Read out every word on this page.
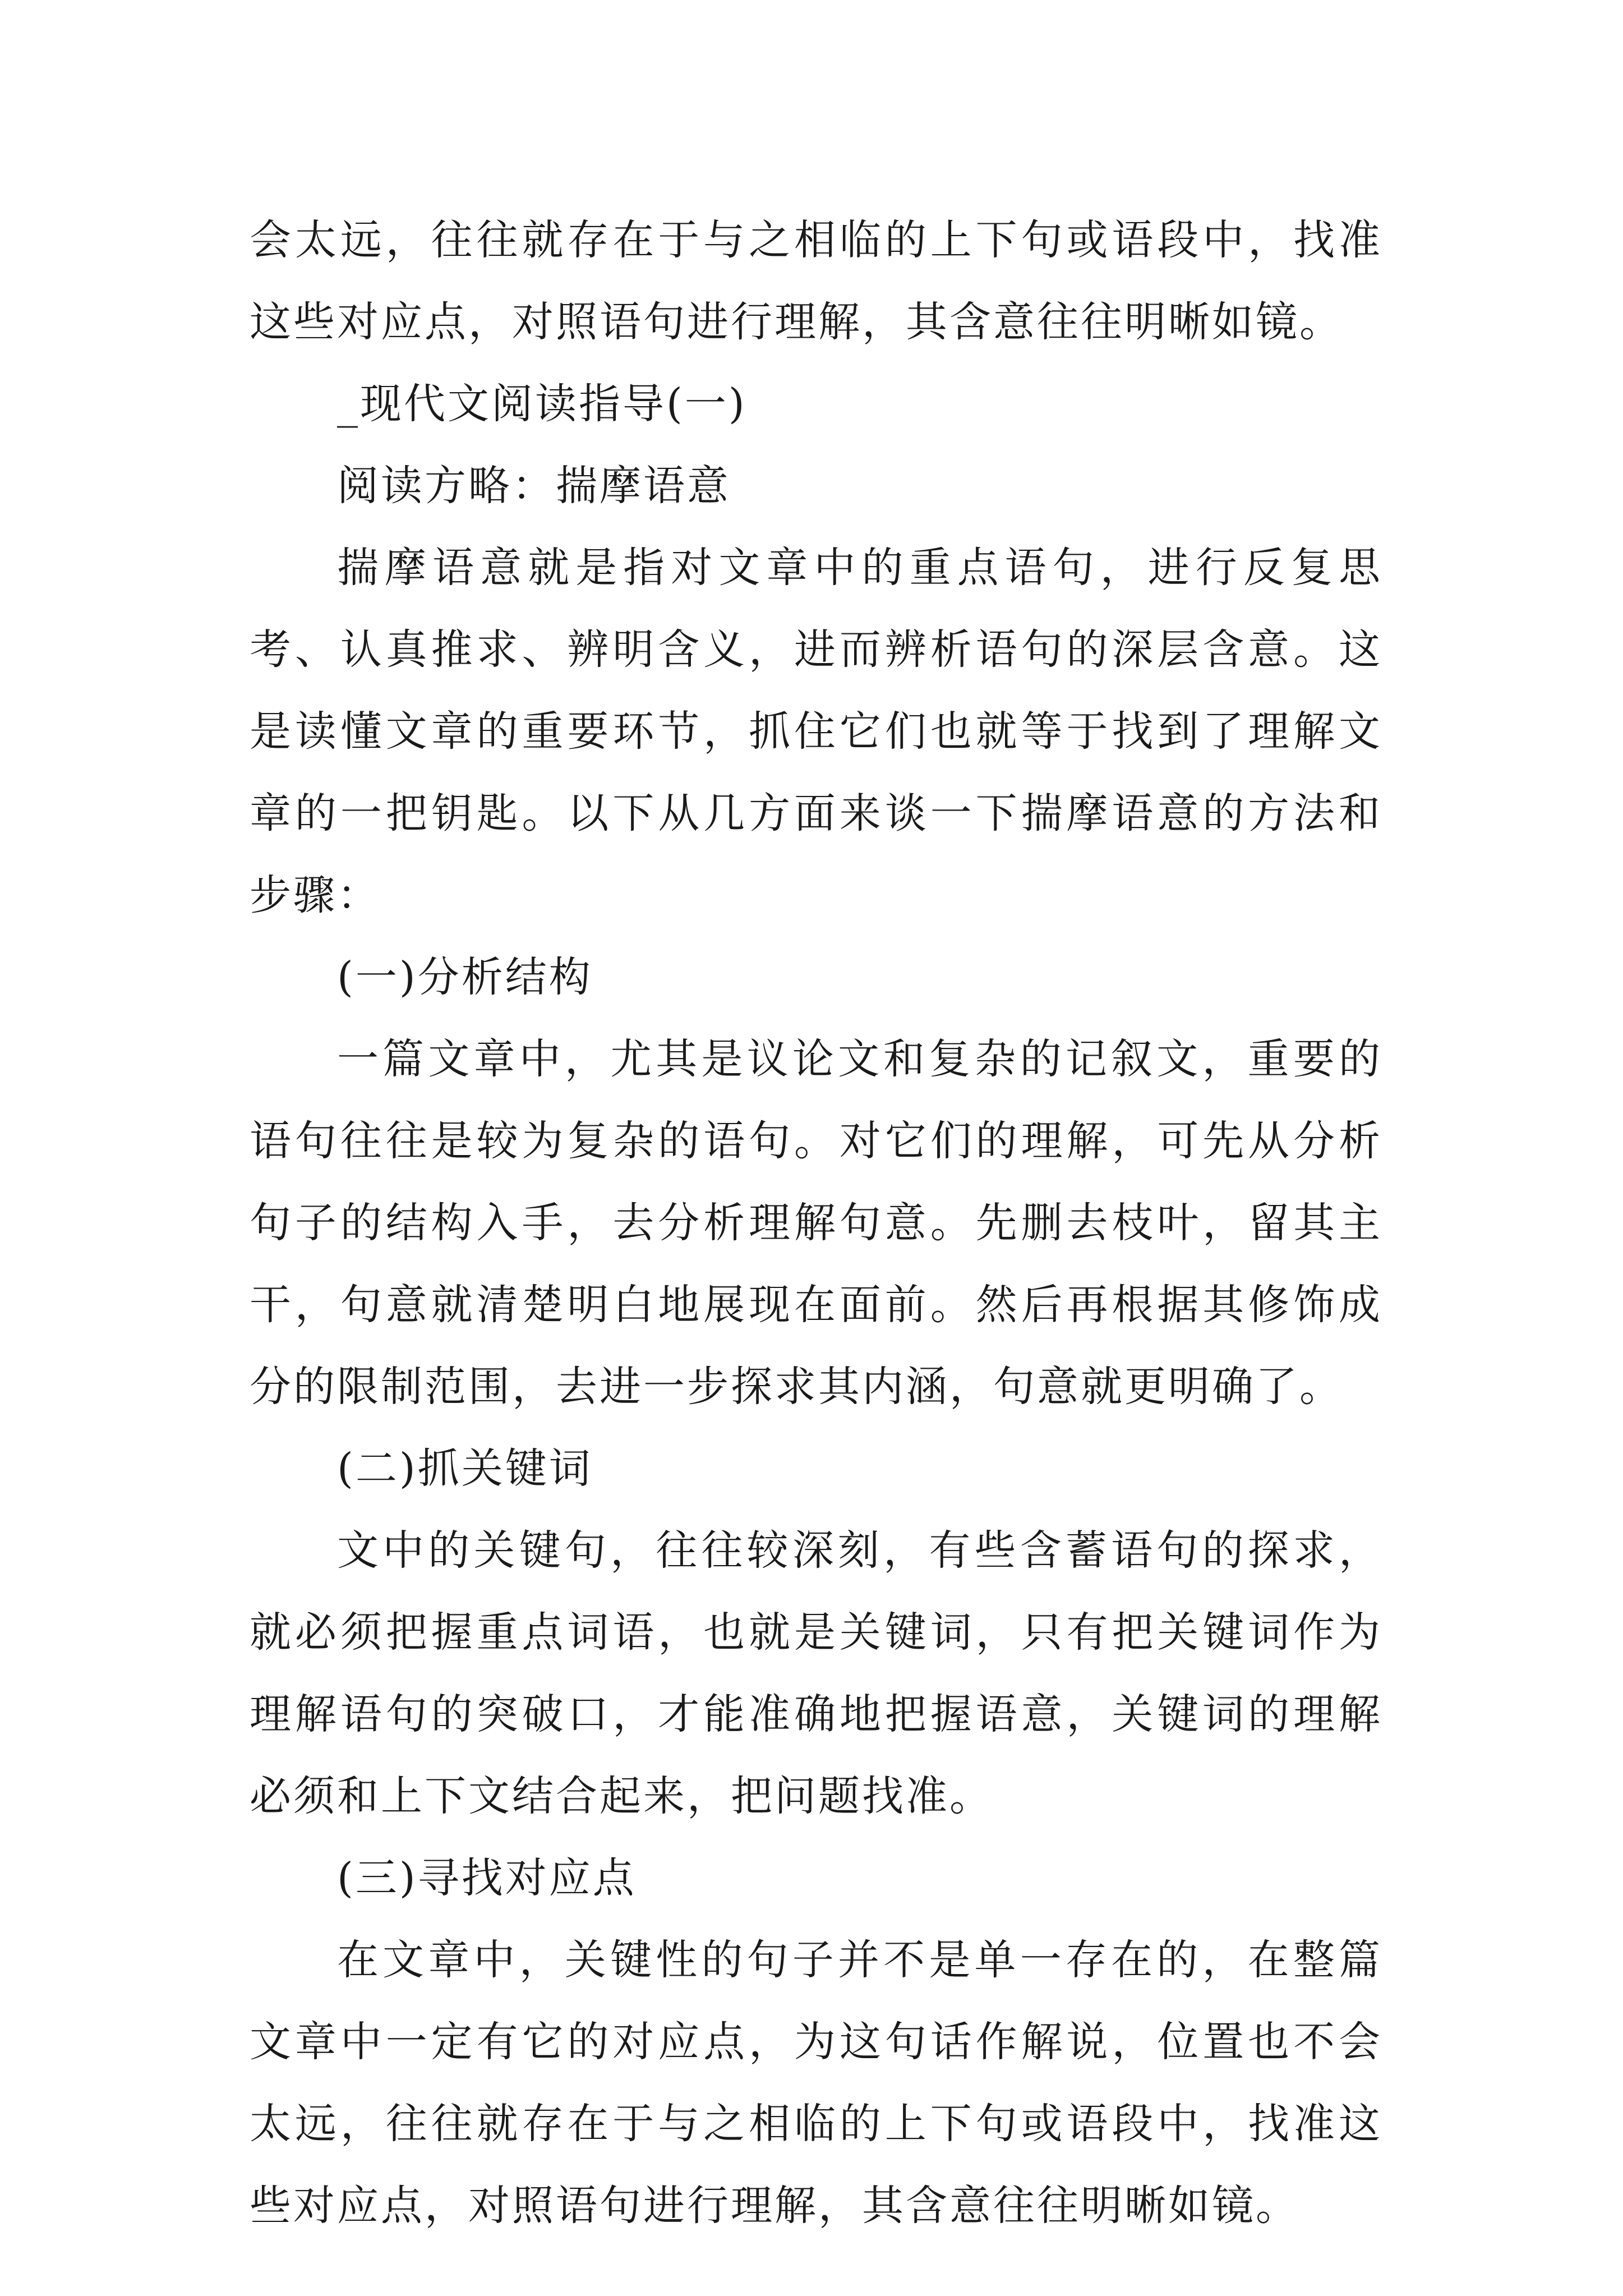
会太远，往往就存在于与之相临的上下句或语段中，找准这些对应点，对照语句进行理解，其含意往往明晰如镜。

_现代文阅读指导(一)

阅读方略：揣摩语意

揣摩语意就是指对文章中的重点语句，进行反复思考、认真推求、辨明含义，进而辨析语句的深层含意。这是读懂文章的重要环节，抓住它们也就等于找到了理解文章的一把钥匙。以下从几方面来谈一下揣摩语意的方法和步骤：

(一)分析结构

一篇文章中，尤其是议论文和复杂的记叙文，重要的语句往往是较为复杂的语句。对它们的理解，可先从分析句子的结构入手，去分析理解句意。先删去枝叶，留其主干，句意就清楚明白地展现在面前。然后再根据其修饰成分的限制范围，去进一步探求其内涵，句意就更明确了。

(二)抓关键词

文中的关键句，往往较深刻，有些含蓄语句的探求，就必须把握重点词语，也就是关键词，只有把关键词作为理解语句的突破口，才能准确地把握语意，关键词的理解必须和上下文结合起来，把问题找准。

(三)寻找对应点

在文章中，关键性的句子并不是单一存在的，在整篇文章中一定有它的对应点，为这句话作解说，位置也不会太远，往往就存在于与之相临的上下句或语段中，找准这些对应点，对照语句进行理解，其含意往往明晰如镜。
